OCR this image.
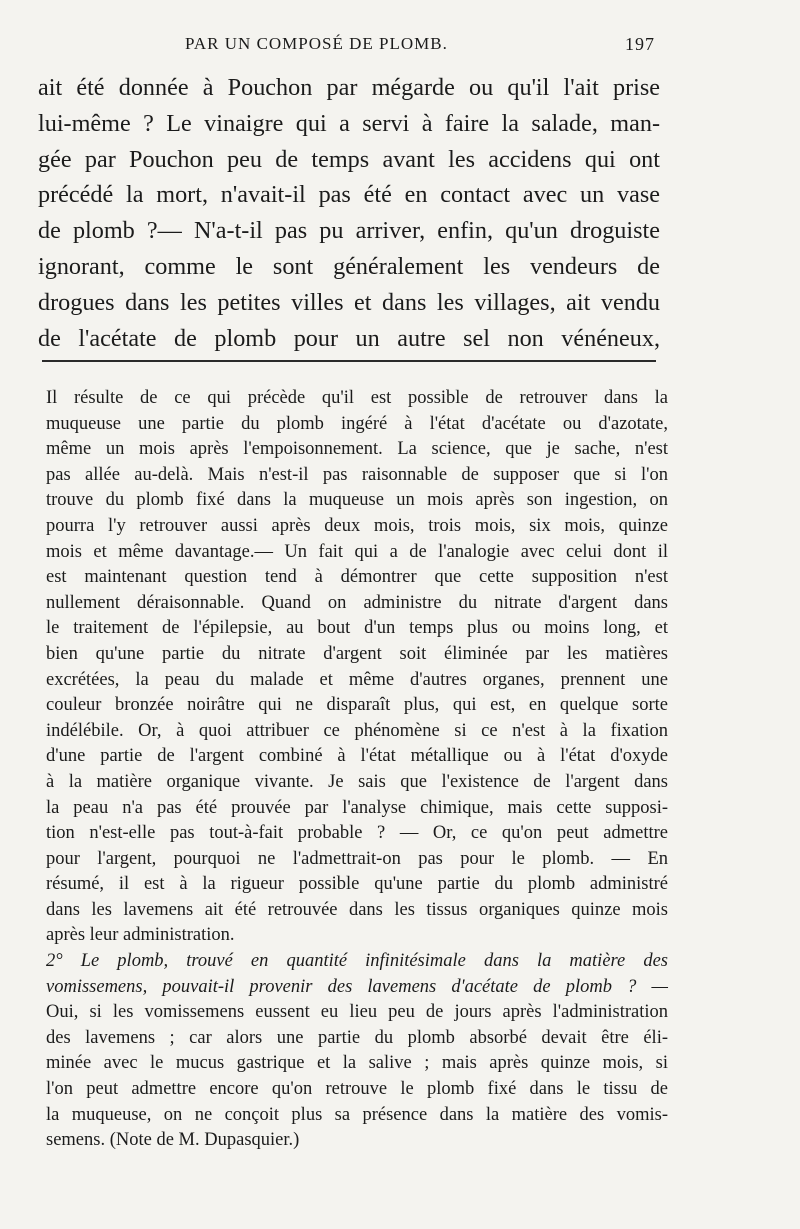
PAR UN COMPOSÉ DE PLOMB.	197
ait été donnée à Pouchon par mégarde ou qu'il l'ait prise
lui-même ? Le vinaigre qui a servi à faire la salade, man-
gée par Pouchon peu de temps avant les accidens qui ont
précédé la mort, n'avait-il pas été en contact avec un vase
de plomb ?— N'a-t-il pas pu arriver, enfin, qu'un droguiste
ignorant, comme le sont généralement les vendeurs de
drogues dans les petites villes et dans les villages, ait vendu
de l'acétate de plomb pour un autre sel non vénéneux,
Il résulte de ce qui précède qu'il est possible de retrouver dans la
muqueuse une partie du plomb ingéré à l'état d'acétate ou d'azotate,
même un mois après l'empoisonnement. La science, que je sache, n'est
pas allée au-delà. Mais n'est-il pas raisonnable de supposer que si l'on
trouve du plomb fixé dans la muqueuse un mois après son ingestion, on
pourra l'y retrouver aussi après deux mois, trois mois, six mois, quinze
mois et même davantage.— Un fait qui a de l'analogie avec celui dont il
est maintenant question tend à démontrer que cette supposition n'est
nullement déraisonnable. Quand on administre du nitrate d'argent dans
le traitement de l'épilepsie, au bout d'un temps plus ou moins long, et
bien qu'une partie du nitrate d'argent soit éliminée par les matières
excrétées, la peau du malade et même d'autres organes, prennent une
couleur bronzée noirâtre qui ne disparaît plus, qui est, en quelque sorte
indélébile. Or, à quoi attribuer ce phénomène si ce n'est à la fixation
d'une partie de l'argent combiné à l'état métallique ou à l'état d'oxyde
à la matière organique vivante. Je sais que l'existence de l'argent dans
la peau n'a pas été prouvée par l'analyse chimique, mais cette supposi-
tion n'est-elle pas tout-à-fait probable ? — Or, ce qu'on peut admettre
pour l'argent, pourquoi ne l'admettrait-on pas pour le plomb. — En
résumé, il est à la rigueur possible qu'une partie du plomb administré
dans les lavemens ait été retrouvée dans les tissus organiques quinze mois
après leur administration.
2° Le plomb, trouvé en quantité infinitésimale dans la matière des
vomissemens, pouvait-il provenir des lavemens d'acétate de plomb ? —
Oui, si les vomissemens eussent eu lieu peu de jours après l'administration
des lavemens ; car alors une partie du plomb absorbé devait être éli-
minée avec le mucus gastrique et la salive ; mais après quinze mois, si
l'on peut admettre encore qu'on retrouve le plomb fixé dans le tissu de
la muqueuse, on ne conçoit plus sa présence dans la matière des vomis-
semens. (Note de M. Dupasquier.)
